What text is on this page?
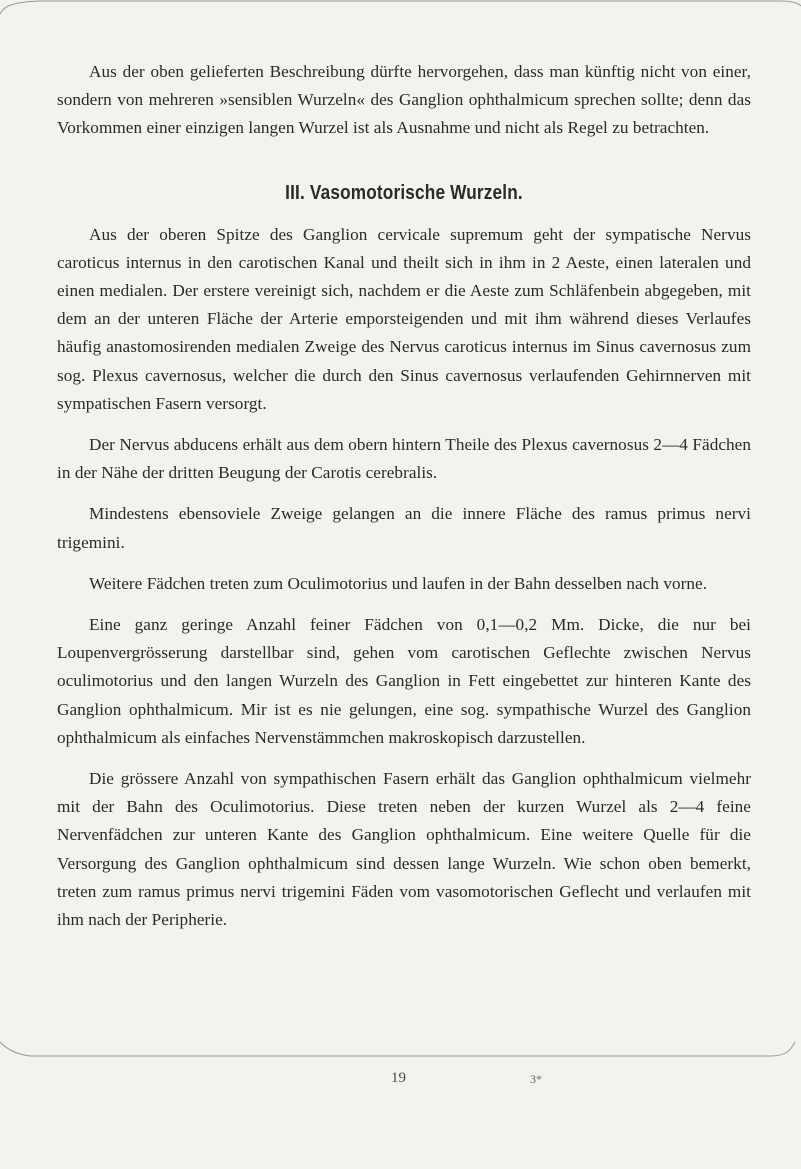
Aus der oben gelieferten Beschreibung dürfte hervorgehen, dass man künftig nicht von einer, sondern von mehreren »sensiblen Wurzeln« des Ganglion ophthalmicum sprechen sollte; denn das Vorkommen einer einzigen langen Wurzel ist als Ausnahme und nicht als Regel zu betrachten.

III. Vasomotorische Wurzeln.

Aus der oberen Spitze des Ganglion cervicale supremum geht der sympatische Nervus caroticus internus in den carotischen Kanal und theilt sich in ihm in 2 Aeste, einen lateralen und einen medialen. Der erstere vereinigt sich, nachdem er die Aeste zum Schläfenbein abgegeben, mit dem an der unteren Fläche der Arterie emporsteigenden und mit ihm während dieses Verlaufes häufig anastomosirenden medialen Zweige des Nervus caroticus internus im Sinus cavernosus zum sog. Plexus cavernosus, welcher die durch den Sinus cavernosus verlaufenden Gehirnnerven mit sympatischen Fasern versorgt.

Der Nervus abducens erhält aus dem obern hintern Theile des Plexus cavernosus 2—4 Fädchen in der Nähe der dritten Beugung der Carotis cerebralis.

Mindestens ebensoviele Zweige gelangen an die innere Fläche des ramus primus nervi trigemini.

Weitere Fädchen treten zum Oculimotorius und laufen in der Bahn desselben nach vorne.

Eine ganz geringe Anzahl feiner Fädchen von 0,1—0,2 Mm. Dicke, die nur bei Loupenvergrösserung darstellbar sind, gehen vom carotischen Geflechte zwischen Nervus oculimotorius und den langen Wurzeln des Ganglion in Fett eingebettet zur hinteren Kante des Ganglion ophthalmicum. Mir ist es nie gelungen, eine sog. sympathische Wurzel des Ganglion ophthalmicum als einfaches Nervenstämmchen makroskopisch darzustellen.

Die grössere Anzahl von sympathischen Fasern erhält das Ganglion ophthalmicum vielmehr mit der Bahn des Oculimotorius. Diese treten neben der kurzen Wurzel als 2—4 feine Nervenfädchen zur unteren Kante des Ganglion ophthalmicum. Eine weitere Quelle für die Versorgung des Ganglion ophthalmicum sind dessen lange Wurzeln. Wie schon oben bemerkt, treten zum ramus primus nervi trigemini Fäden vom vasomotorischen Geflecht und verlaufen mit ihm nach der Peripherie.

19	3*
